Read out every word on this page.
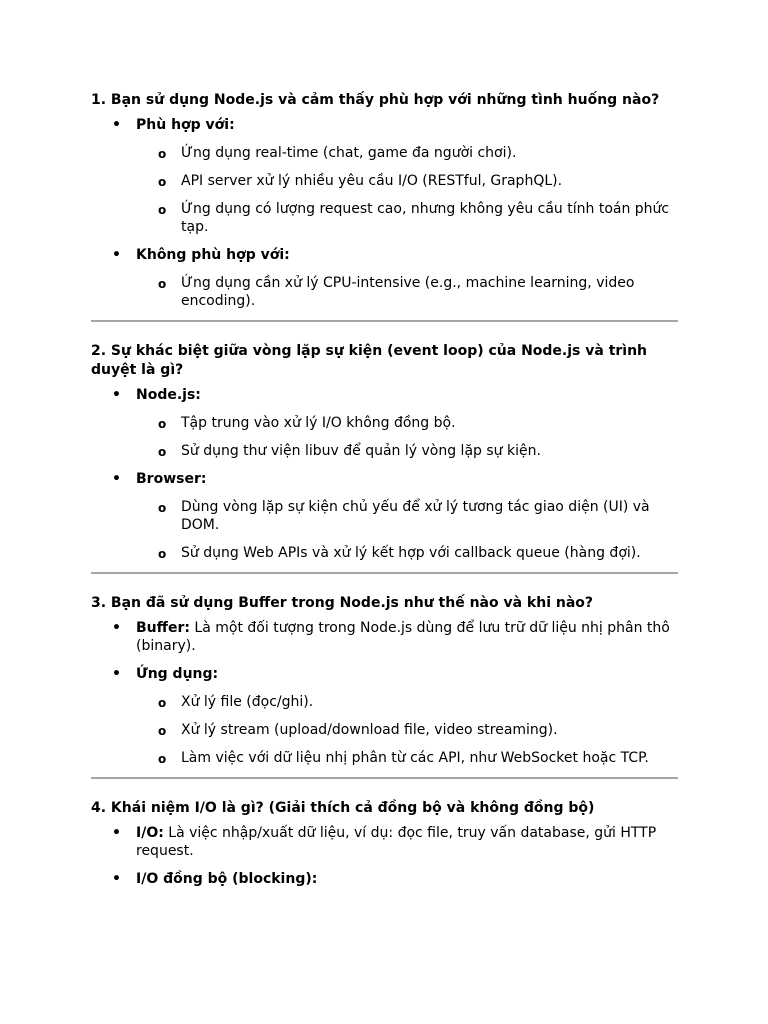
1. Bạn sử dụng Node.js và cảm thấy phù hợp với những tình huống nào?
• Phù hợp với:
o Ứng dụng real-time (chat, game đa người chơi).
o API server xử lý nhiều yêu cầu I/O (RESTful, GraphQL).
o Ứng dụng có lượng request cao, nhưng không yêu cầu tính toán phức tạp.
• Không phù hợp với:
o Ứng dụng cần xử lý CPU-intensive (e.g., machine learning, video encoding).
2. Sự khác biệt giữa vòng lặp sự kiện (event loop) của Node.js và trình duyệt là gì?
• Node.js:
o Tập trung vào xử lý I/O không đồng bộ.
o Sử dụng thư viện libuv để quản lý vòng lặp sự kiện.
• Browser:
o Dùng vòng lặp sự kiện chủ yếu để xử lý tương tác giao diện (UI) và DOM.
o Sử dụng Web APIs và xử lý kết hợp với callback queue (hàng đợi).
3. Bạn đã sử dụng Buffer trong Node.js như thế nào và khi nào?
• Buffer: Là một đối tượng trong Node.js dùng để lưu trữ dữ liệu nhị phân thô (binary).
• Ứng dụng:
o Xử lý file (đọc/ghi).
o Xử lý stream (upload/download file, video streaming).
o Làm việc với dữ liệu nhị phân từ các API, như WebSocket hoặc TCP.
4. Khái niệm I/O là gì? (Giải thích cả đồng bộ và không đồng bộ)
• I/O: Là việc nhập/xuất dữ liệu, ví dụ: đọc file, truy vấn database, gửi HTTP request.
• I/O đồng bộ (blocking):
